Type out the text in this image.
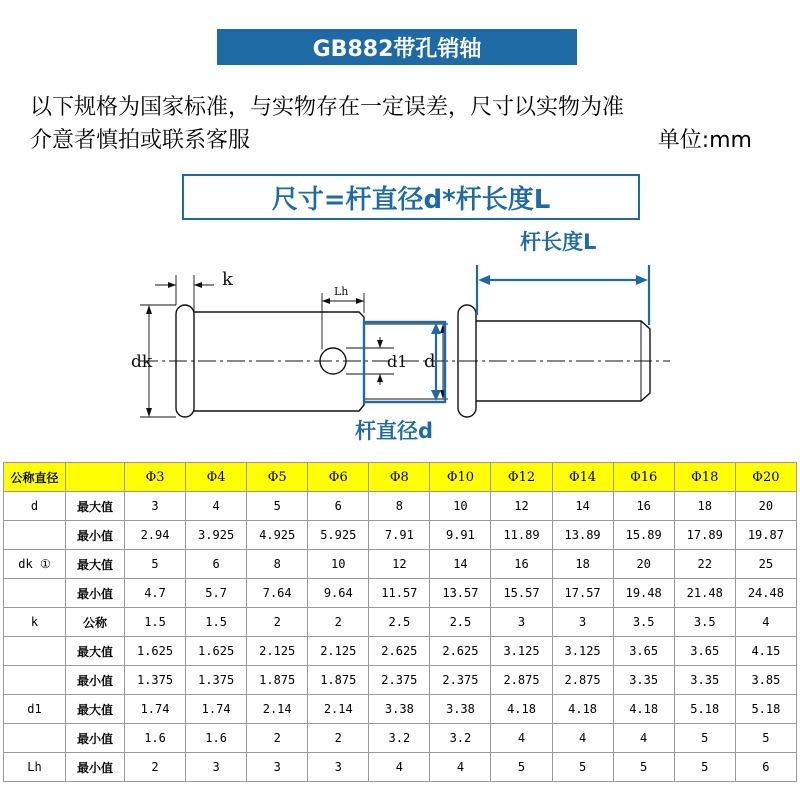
GB882带孔销轴
以下规格为国家标准，与实物存在一定误差，尺寸以实物为准
介意者慎拍或联系客服	单位:mm
尺寸=杆直径d*杆长度L
杆长度L
杆直径d
k
Lh
dk	d1 d
公称直径		Φ3	Φ4	Φ5	Φ6	Φ8	Φ10	Φ12	Φ14	Φ16	Φ18	Φ20
d	最大值	3	4	5	6	8	10	12	14	16	18	20
	最小值	2.94	3.925	4.925	5.925	7.91	9.91	11.89	13.89	15.89	17.89	19.87
dk ①	最大值	5	6	8	10	12	14	16	18	20	22	25
	最小值	4.7	5.7	7.64	9.64	11.57	13.57	15.57	17.57	19.48	21.48	24.48
k	公称	1.5	1.5	2	2	2.5	2.5	3	3	3.5	3.5	4
	最大值	1.625	1.625	2.125	2.125	2.625	2.625	3.125	3.125	3.65	3.65	4.15
	最小值	1.375	1.375	1.875	1.875	2.375	2.375	2.875	2.875	3.35	3.35	3.85
d1	最大值	1.74	1.74	2.14	2.14	3.38	3.38	4.18	4.18	4.18	5.18	5.18
	最小值	1.6	1.6	2	2	3.2	3.2	4	4	4	5	5
Lh	最小值	2	3	3	3	4	4	5	5	5	5	6
